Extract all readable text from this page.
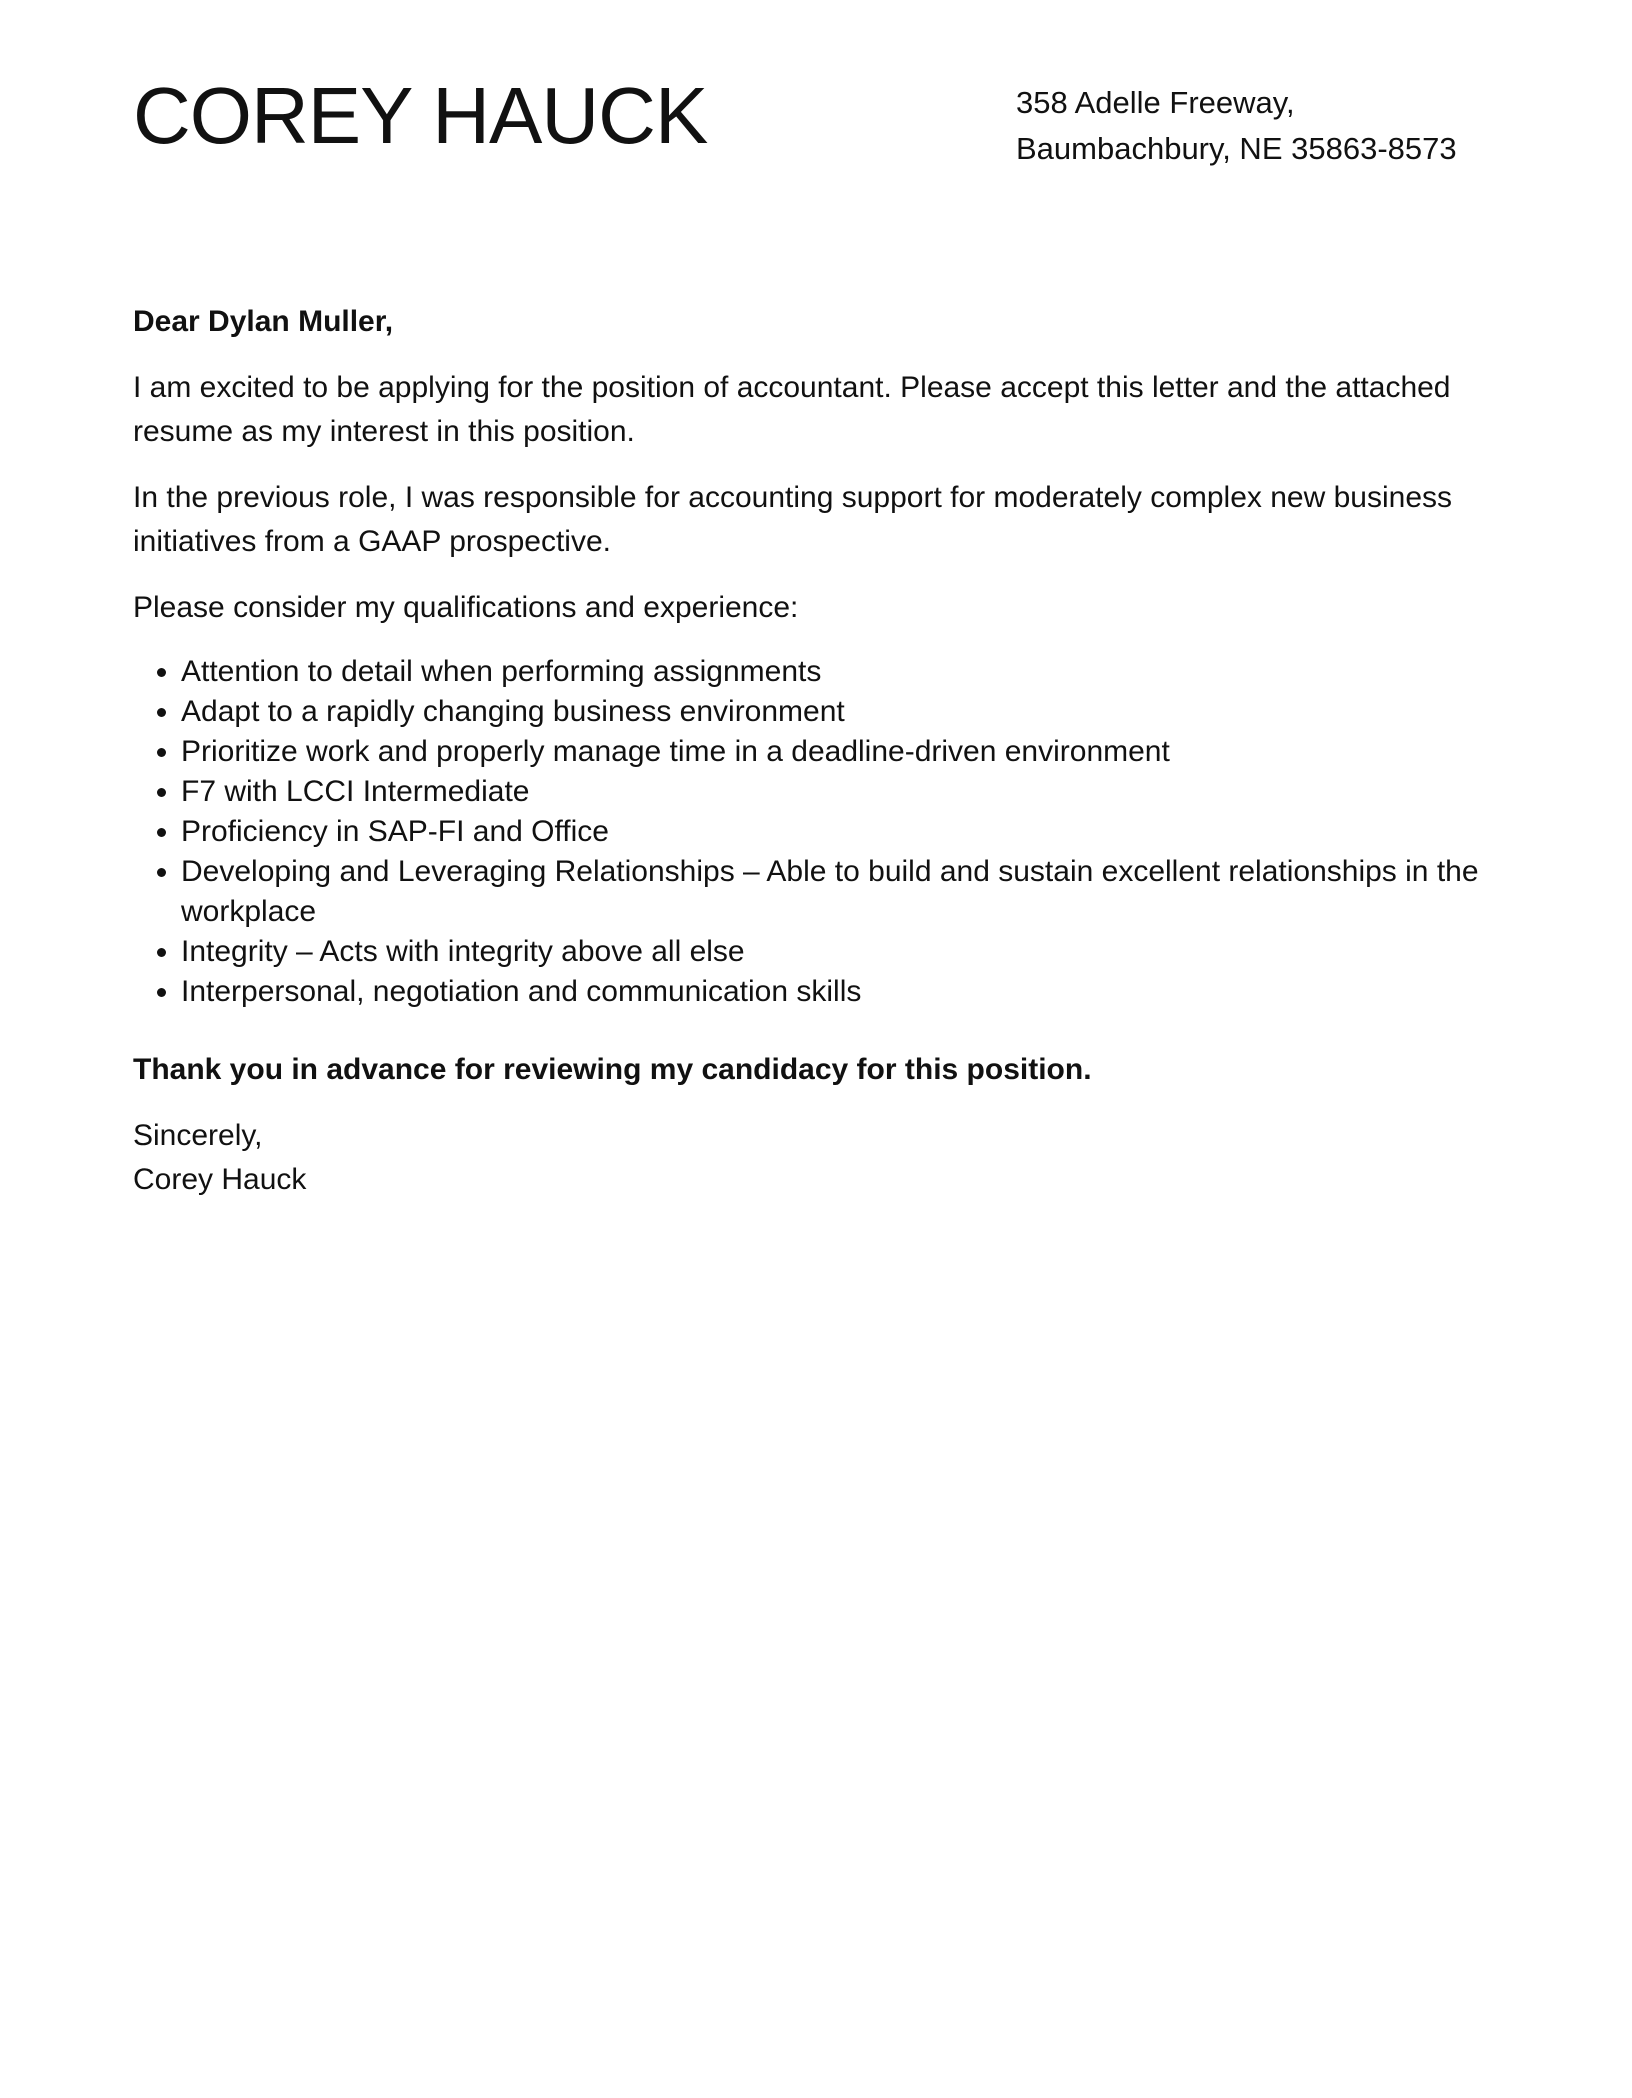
COREY HAUCK	358 Adelle Freeway,
Baumbachbury, NE 35863-8573

Dear Dylan Muller,

I am excited to be applying for the position of accountant. Please accept this letter and the attached resume as my interest in this position.

In the previous role, I was responsible for accounting support for moderately complex new business initiatives from a GAAP prospective.

Please consider my qualifications and experience:

• Attention to detail when performing assignments
• Adapt to a rapidly changing business environment
• Prioritize work and properly manage time in a deadline-driven environment
• F7 with LCCI Intermediate
• Proficiency in SAP-FI and Office
• Developing and Leveraging Relationships – Able to build and sustain excellent relationships in the workplace
• Integrity – Acts with integrity above all else
• Interpersonal, negotiation and communication skills

Thank you in advance for reviewing my candidacy for this position.

Sincerely,
Corey Hauck
